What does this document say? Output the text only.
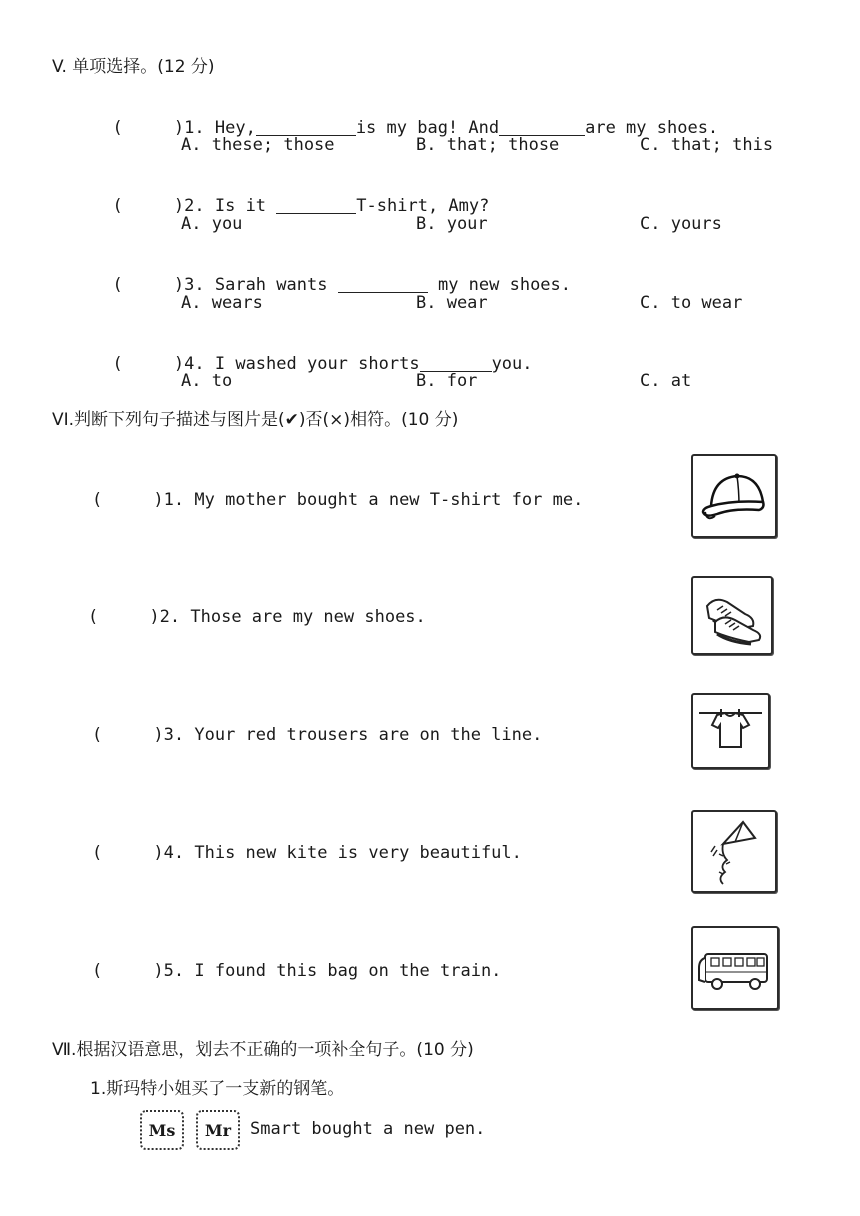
V. 单项选择。(12 分)

(     )1. Hey,	is my bag! And	are my shoes.

A. these; those	B. that; those	C. that; this

(     )2. Is it	T-shirt, Amy?

A. you	B. your	C. yours

(     )3. Sarah wants	my new shoes.

A. wears	B. wear	C. to wear

(     )4. I washed your shorts	you.

A. to	B. for	C. at
VI.判断下列句子描述与图片是(✔)否(×)相符。(10 分)
(     )1. My mother bought a new T-shirt for me.
(     )2. Those are my new shoes.
(     )3. Your red trousers are on the line.
(     )4. This new kite is very beautiful.
(     )5. I found this bag on the train.
Ⅶ.根据汉语意思，划去不正确的一项补全句子。(10 分)
1.斯玛特小姐买了一支新的钢笔。
Ms	Mr	Smart bought a new pen.
